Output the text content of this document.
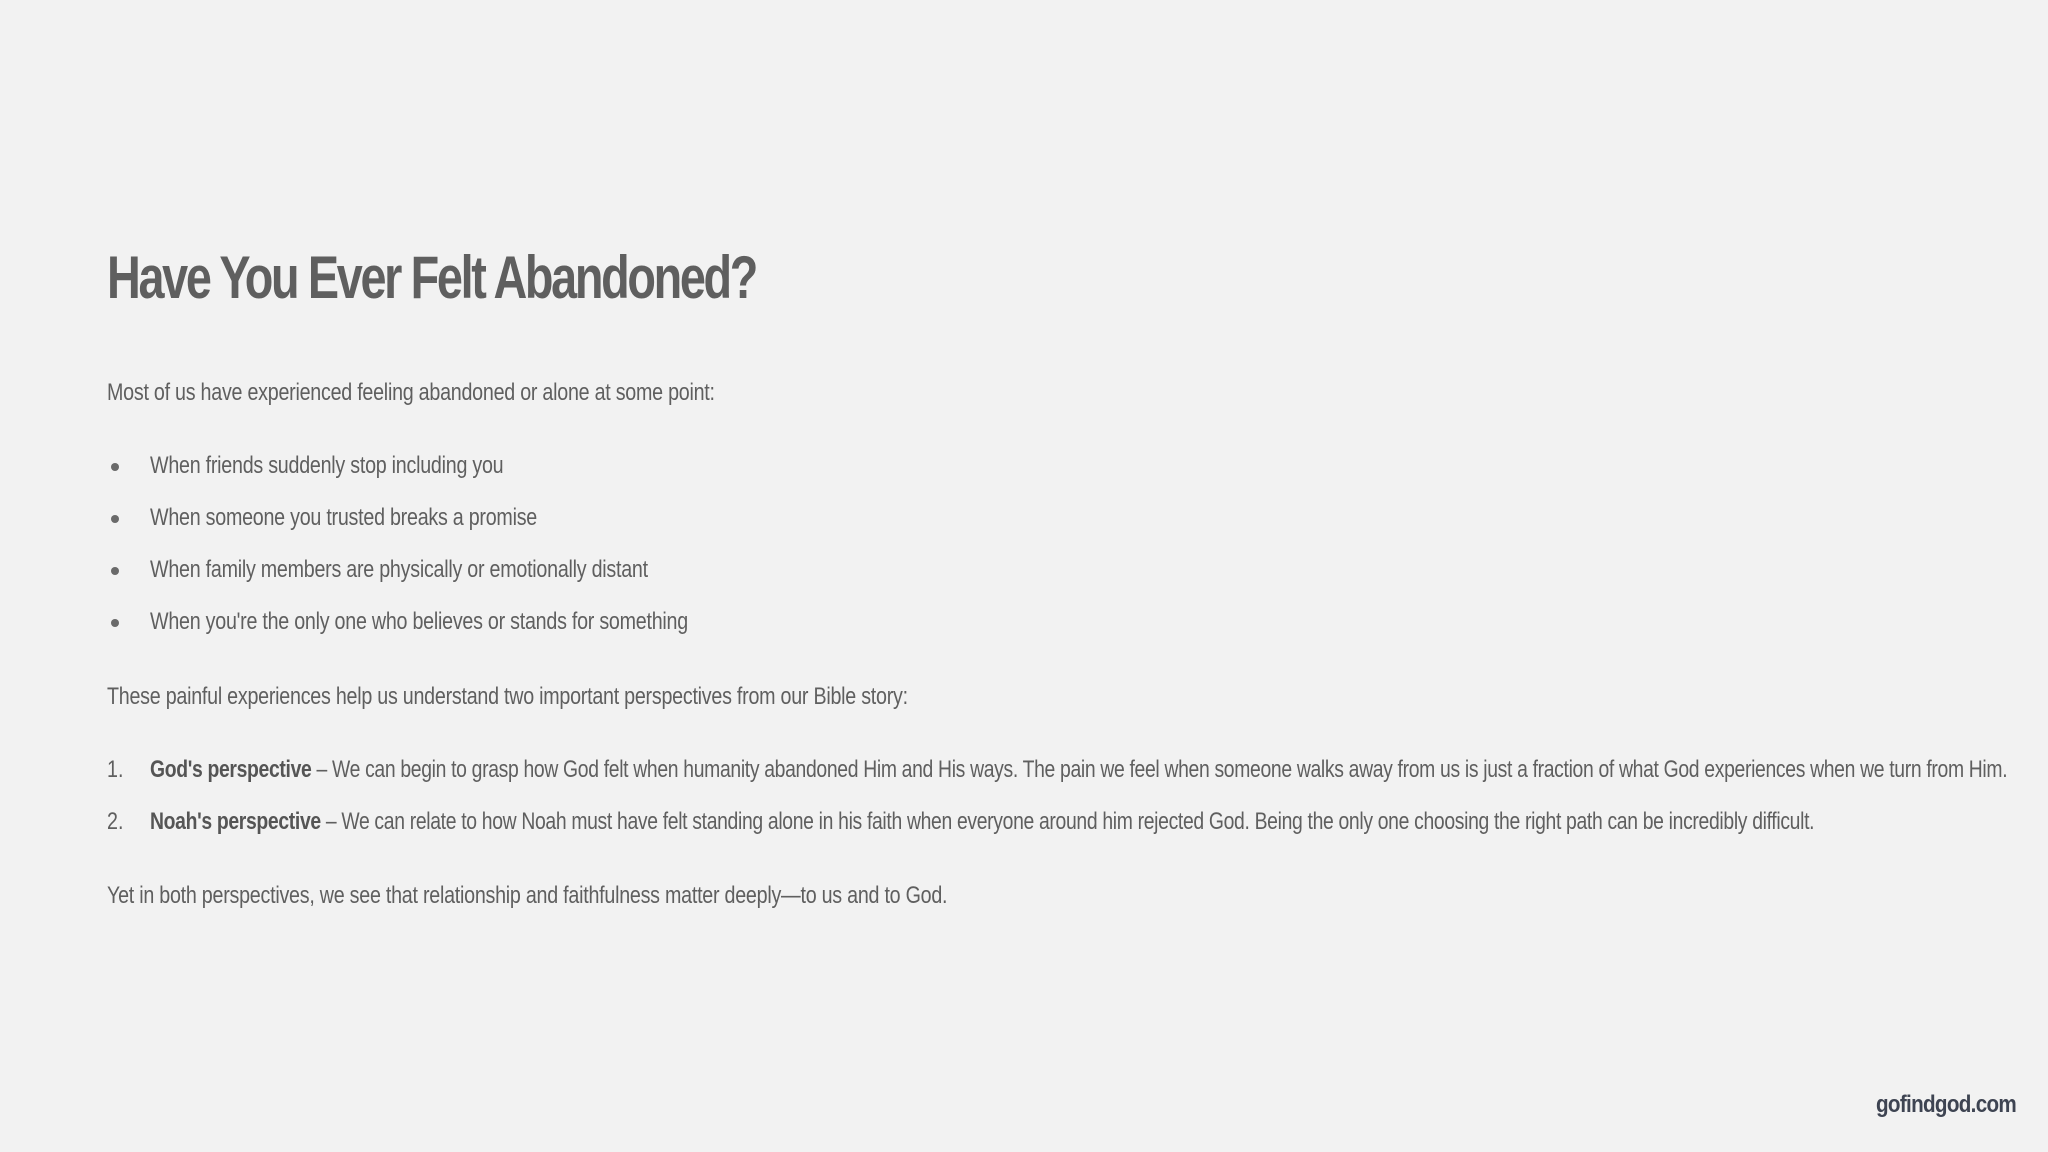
Have You Ever Felt Abandoned?

Most of us have experienced feeling abandoned or alone at some point:

When friends suddenly stop including you
When someone you trusted breaks a promise
When family members are physically or emotionally distant
When you're the only one who believes or stands for something

These painful experiences help us understand two important perspectives from our Bible story:

1. God's perspective – We can begin to grasp how God felt when humanity abandoned Him and His ways. The pain we feel when someone walks away from us is just a fraction of what God experiences when we turn from Him.
2. Noah's perspective – We can relate to how Noah must have felt standing alone in his faith when everyone around him rejected God. Being the only one choosing the right path can be incredibly difficult.

Yet in both perspectives, we see that relationship and faithfulness matter deeply—to us and to God.

gofindgod.com
